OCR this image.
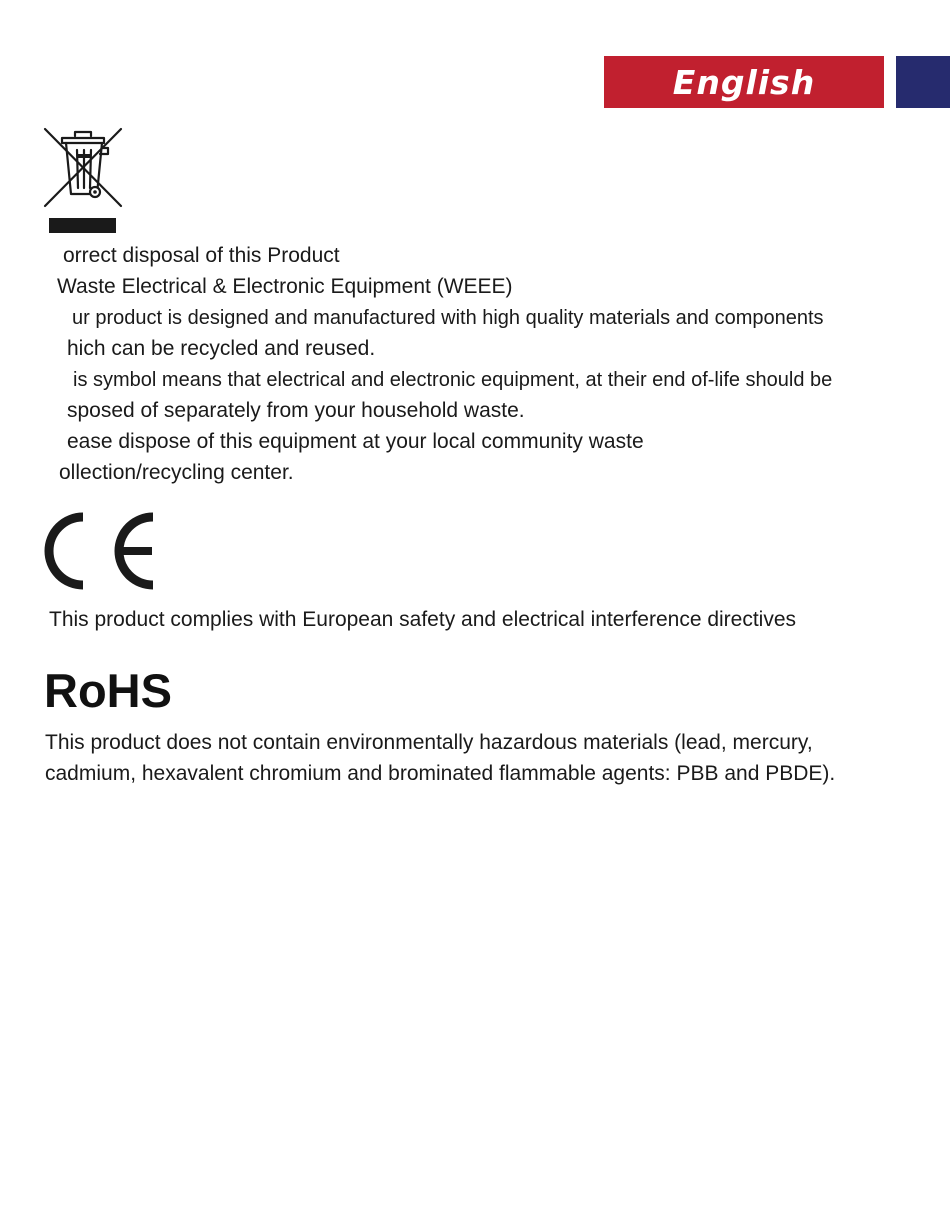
English
orrect disposal of this Product
Waste Electrical & Electronic Equipment (WEEE)
ur product is designed and manufactured with high quality materials and components
hich can be recycled and reused.
is symbol means that electrical and electronic equipment, at their end of-life should be
sposed of separately from your household waste.
ease dispose of this equipment at your local community waste
ollection/recycling center.
This product complies with European safety and electrical interference directives
RoHS
This product does not contain environmentally hazardous materials (lead, mercury,
cadmium, hexavalent chromium and brominated flammable agents: PBB and PBDE).
